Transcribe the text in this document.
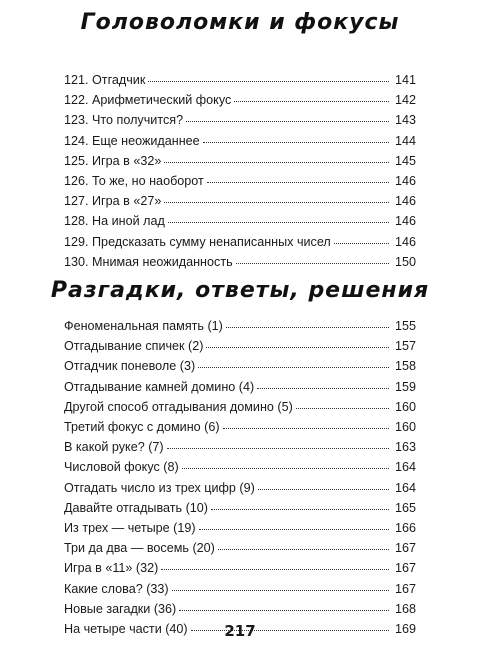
Головоломки и фокусы
121. Отгадчик	141
122. Арифметический фокус	142
123. Что получится?	143
124. Еще неожиданнее	144
125. Игра в «32»	145
126. То же, но наоборот	146
127. Игра в «27»	146
128. На иной лад	146
129. Предсказать сумму ненаписанных чисел	146
130. Мнимая неожиданность	150
Разгадки, ответы, решения
Феноменальная память (1)	155
Отгадывание спичек (2)	157
Отгадчик поневоле (3)	158
Отгадывание камней домино (4)	159
Другой способ отгадывания домино (5)	160
Третий фокус с домино (6)	160
В какой руке? (7)	163
Числовой фокус (8)	164
Отгадать число из трех цифр (9)	164
Давайте отгадывать (10)	165
Из трех — четыре (19)	166
Три да два — восемь (20)	167
Игра в «11» (32)	167
Какие слова? (33)	167
Новые загадки (36)	168
На четыре части (40)	169
217
